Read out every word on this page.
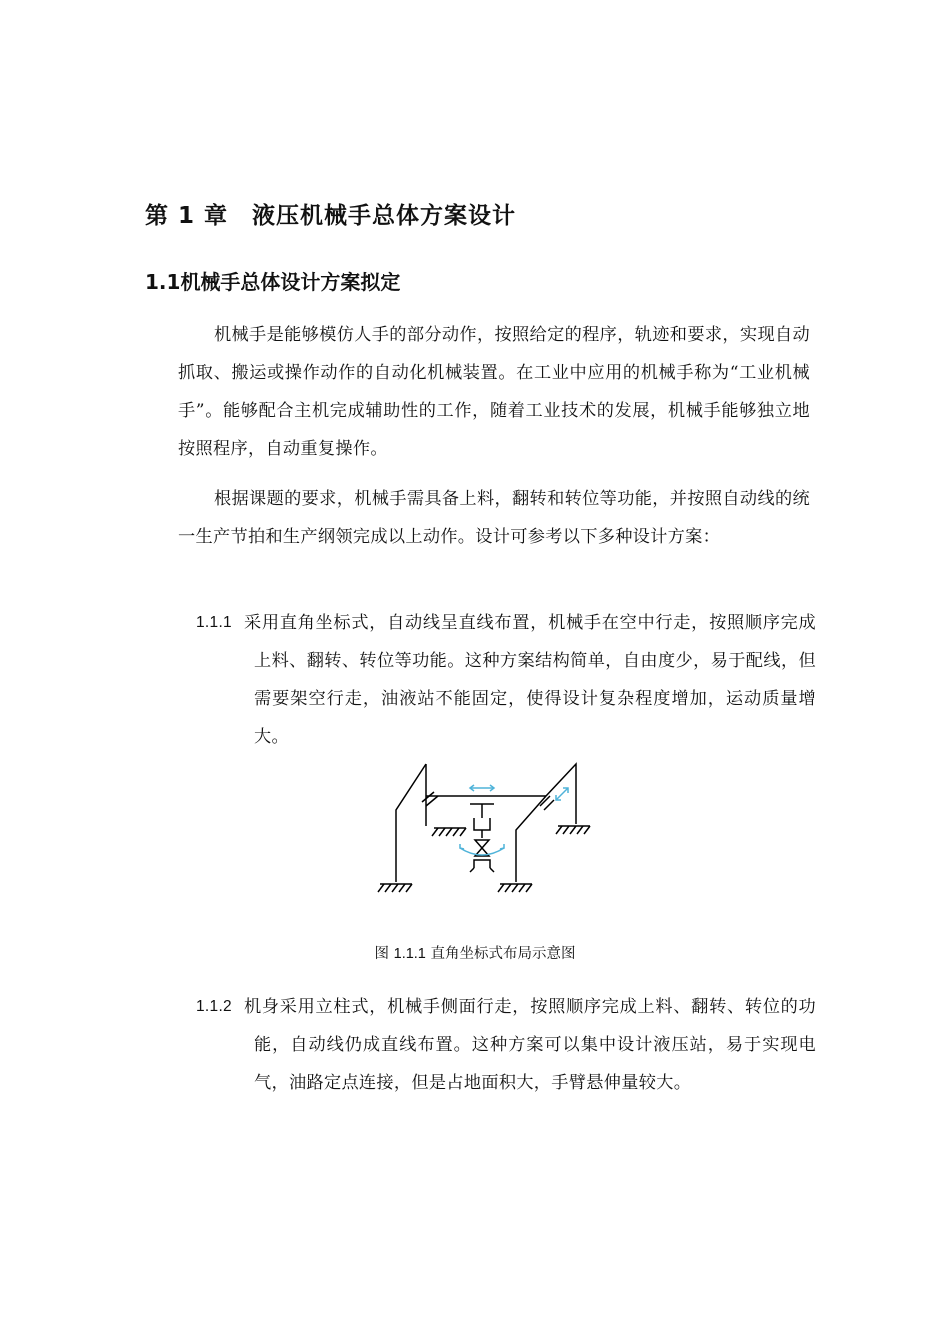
第 1 章 液压机械手总体方案设计
1.1机械手总体设计方案拟定

机械手是能够模仿人手的部分动作，按照给定的程序，轨迹和要求，实现自动抓取、搬运或操作动作的自动化机械装置。在工业中应用的机械手称为“工业机械手”。能够配合主机完成辅助性的工作，随着工业技术的发展，机械手能够独立地按照程序，自动重复操作。

根据课题的要求，机械手需具备上料，翻转和转位等功能，并按照自动线的统一生产节拍和生产纲领完成以上动作。设计可参考以下多种设计方案：

1.1.1 采用直角坐标式，自动线呈直线布置，机械手在空中行走，按照顺序完成上料、翻转、转位等功能。这种方案结构简单，自由度少，易于配线，但需要架空行走，油液站不能固定，使得设计复杂程度增加，运动质量增大。

图 1.1.1 直角坐标式布局示意图

1.1.2 机身采用立柱式，机械手侧面行走，按照顺序完成上料、翻转、转位的功能，自动线仍成直线布置。这种方案可以集中设计液压站，易于实现电气，油路定点连接，但是占地面积大，手臂悬伸量较大。
